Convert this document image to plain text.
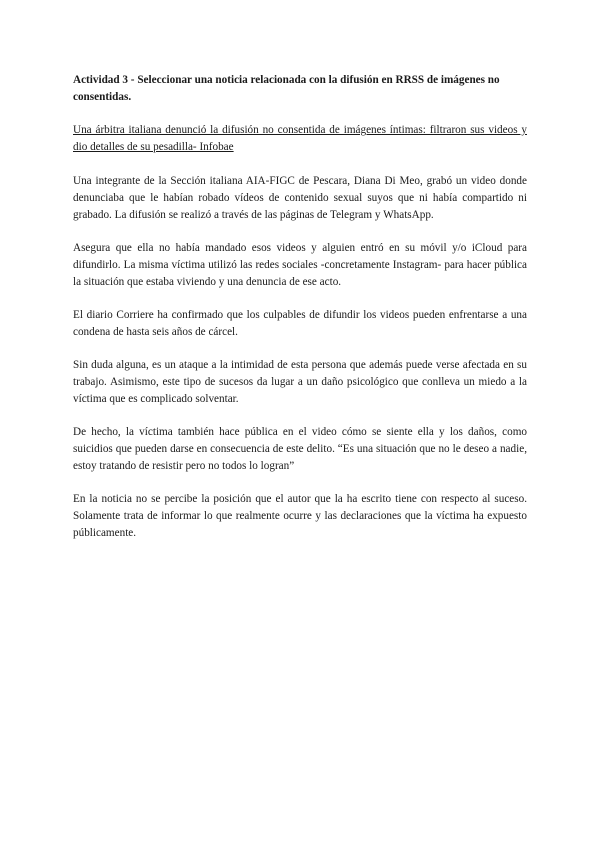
Actividad 3 - Seleccionar una noticia relacionada con la difusión en RRSS de imágenes no consentidas.

Una árbitra italiana denunció la difusión no consentida de imágenes íntimas: filtraron sus videos y dio detalles de su pesadilla- Infobae

Una integrante de la Sección italiana AIA-FIGC de Pescara, Diana Di Meo, grabó un video donde denunciaba que le habían robado vídeos de contenido sexual suyos que ni había compartido ni grabado. La difusión se realizó a través de las páginas de Telegram y WhatsApp.

Asegura que ella no había mandado esos videos y alguien entró en su móvil y/o iCloud para difundirlo. La misma víctima utilizó las redes sociales -concretamente Instagram- para hacer pública la situación que estaba viviendo y una denuncia de ese acto.

El diario Corriere ha confirmado que los culpables de difundir los videos pueden enfrentarse a una condena de hasta seis años de cárcel.

Sin duda alguna, es un ataque a la intimidad de esta persona que además puede verse afectada en su trabajo. Asimismo, este tipo de sucesos da lugar a un daño psicológico que conlleva un miedo a la víctima que es complicado solventar.

De hecho, la víctima también hace pública en el video cómo se siente ella y los daños, como suicidios que pueden darse en consecuencia de este delito. “Es una situación que no le deseo a nadie, estoy tratando de resistir pero no todos lo logran”

En la noticia no se percibe la posición que el autor que la ha escrito tiene con respecto al suceso. Solamente trata de informar lo que realmente ocurre y las declaraciones que la víctima ha expuesto públicamente.
